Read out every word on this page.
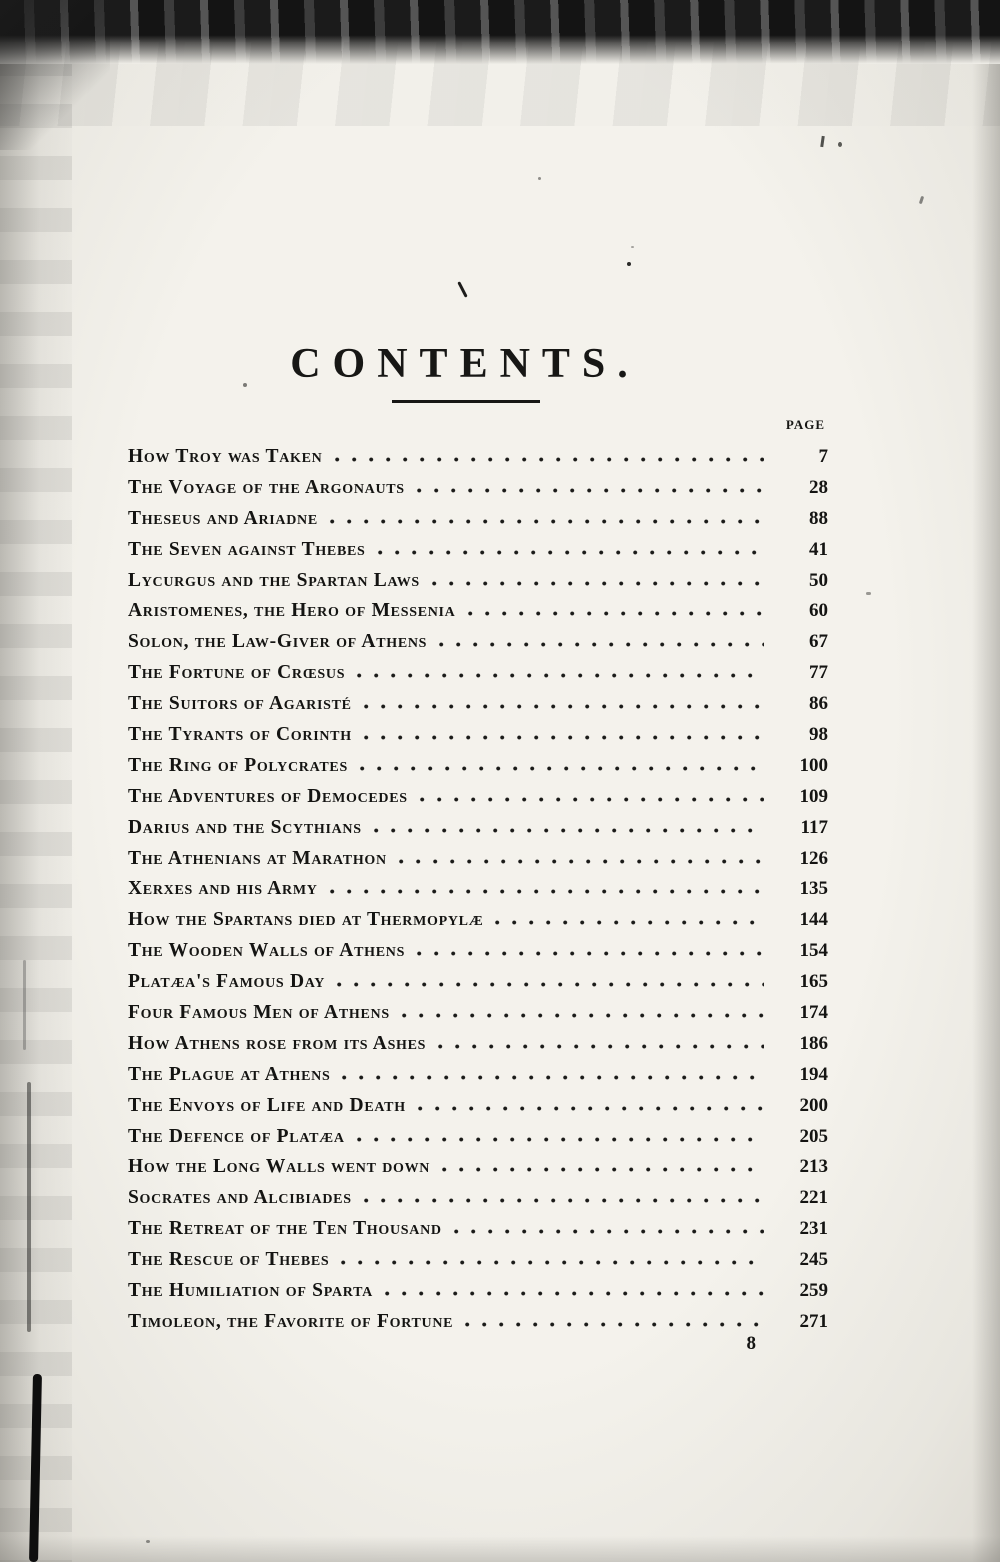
CONTENTS.
PAGE
How Troy was Taken	7
The Voyage of the Argonauts	28
Theseus and Ariadne	88
The Seven against Thebes	41
Lycurgus and the Spartan Laws	50
Aristomenes, the Hero of Messenia	60
Solon, the Law-Giver of Athens	67
The Fortune of Crœsus	77
The Suitors of Agaristé	86
The Tyrants of Corinth	98
The Ring of Polycrates	100
The Adventures of Democedes	109
Darius and the Scythians	117
The Athenians at Marathon	126
Xerxes and his Army	135
How the Spartans died at Thermopylæ	144
The Wooden Walls of Athens	154
Platæa's Famous Day	165
Four Famous Men of Athens	174
How Athens rose from its Ashes	186
The Plague at Athens	194
The Envoys of Life and Death	200
The Defence of Platæa	205
How the Long Walls went down	213
Socrates and Alcibiades	221
The Retreat of the Ten Thousand	231
The Rescue of Thebes	245
The Humiliation of Sparta	259
Timoleon, the Favorite of Fortune	271
8
